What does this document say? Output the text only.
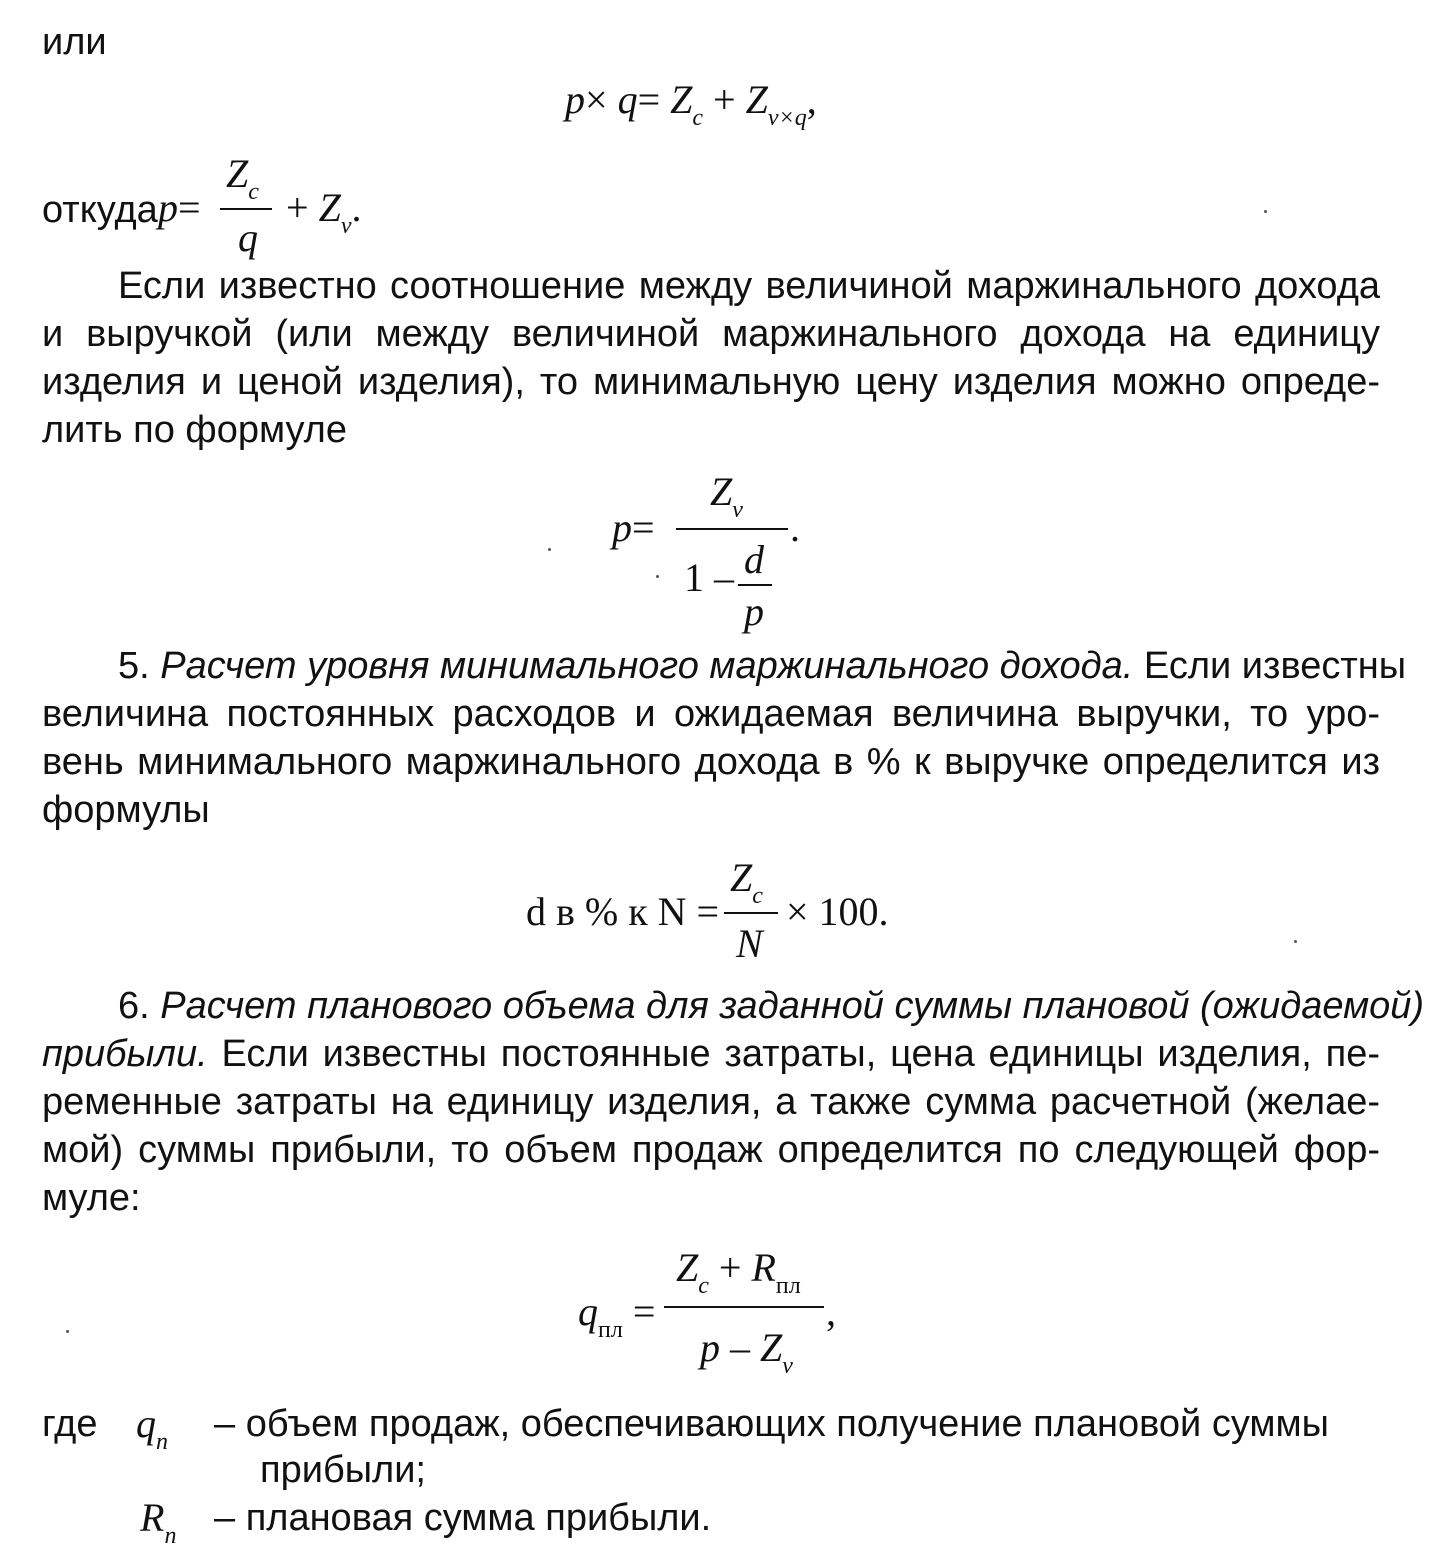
или
$p\times q= Z_c + Z_{v\times q}$,
откуда p=
$Z_c$
q
+ $Z_v$.
Если известно соотношение между величиной маржинального дохода
и выручкой (или между величиной маржинального дохода на единицу
изделия и ценой изделия), то минимальную цену изделия можно опреде-
лить по формуле
p=
$Z_v$ .
1 – d
p
5. Расчет уровня минимального маржинального дохода. Если известны
величина постоянных расходов и ожидаемая величина выручки, то уро-
вень минимального маржинального дохода в % к выручке определится из
формулы
d в % к N =
$Z_c$
N
× 100.
6. Расчет планового объема для заданной суммы плановой (ожидаемой)
прибыли. Если известны постоянные затраты, цена единицы изделия, пе-
ременные затраты на единицу изделия, а также сумма расчетной (желае-
мой) суммы прибыли, то объем продаж определится по следующей фор-
муле:
$q_{пл}$ =
$Z_c + R_{пл}$
,
p – $Z_v$
где $q_п$ – объем продаж, обеспечивающих получение плановой суммы
прибыли;
$R_п$ – плановая сумма прибыли.
